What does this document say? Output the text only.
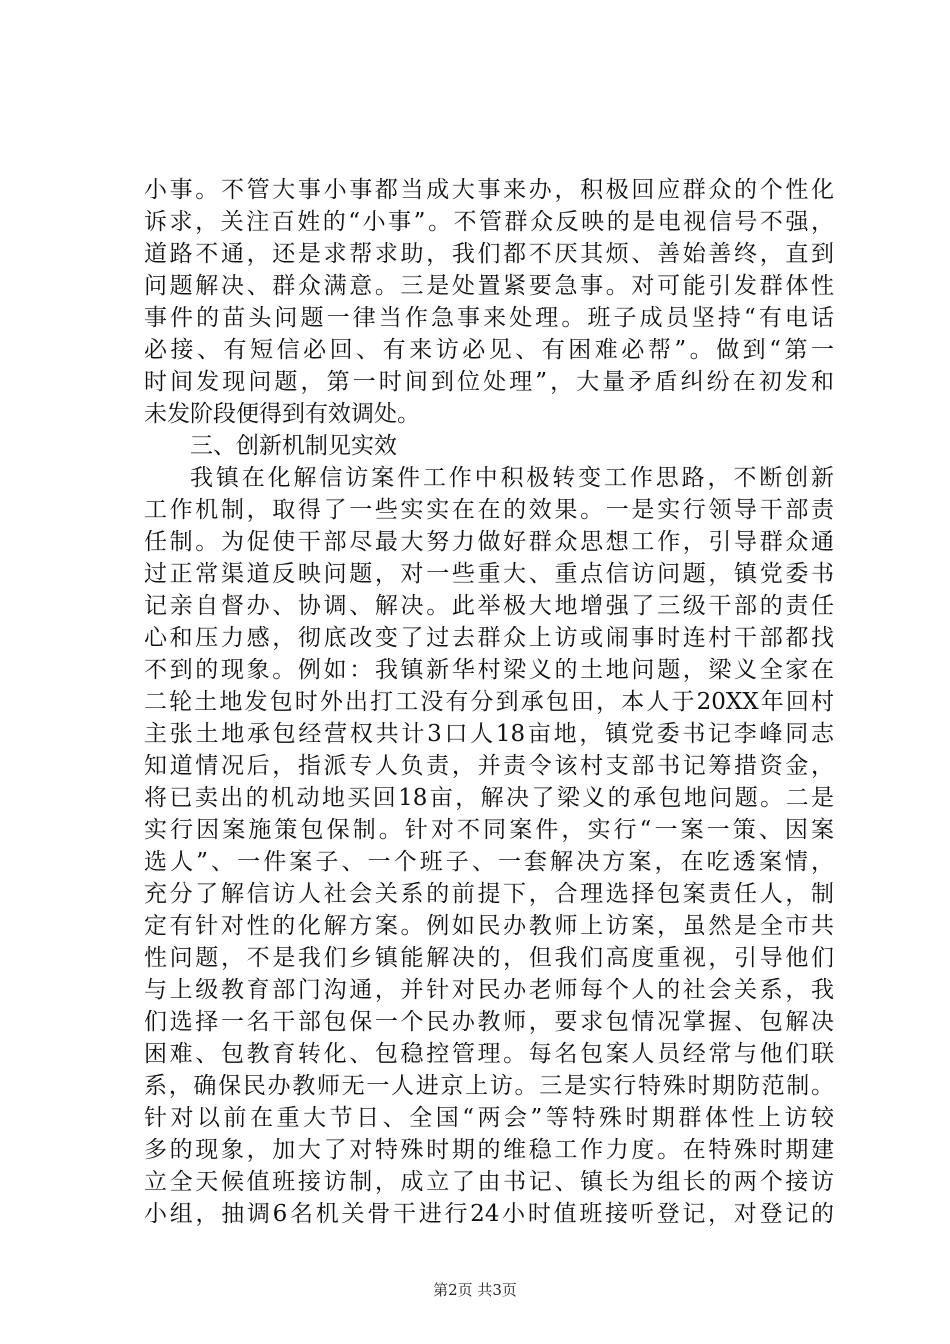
小事。不管大事小事都当成大事来办，积极回应群众的个性化
诉求，关注百姓的“小事”。不管群众反映的是电视信号不强，
道路不通，还是求帮求助，我们都不厌其烦、善始善终，直到
问题解决、群众满意。三是处置紧要急事。对可能引发群体性
事件的苗头问题一律当作急事来处理。班子成员坚持“有电话
必接、有短信必回、有来访必见、有困难必帮”。做到“第一
时间发现问题，第一时间到位处理”，大量矛盾纠纷在初发和
未发阶段便得到有效调处。
三、创新机制见实效
我镇在化解信访案件工作中积极转变工作思路，不断创新
工作机制，取得了一些实实在在的效果。一是实行领导干部责
任制。为促使干部尽最大努力做好群众思想工作，引导群众通
过正常渠道反映问题，对一些重大、重点信访问题，镇党委书
记亲自督办、协调、解决。此举极大地增强了三级干部的责任
心和压力感，彻底改变了过去群众上访或闹事时连村干部都找
不到的现象。例如：我镇新华村梁义的土地问题，梁义全家在
二轮土地发包时外出打工没有分到承包田，本人于20XX年回村
主张土地承包经营权共计3口人18亩地，镇党委书记李峰同志
知道情况后，指派专人负责，并责令该村支部书记筹措资金，
将已卖出的机动地买回18亩，解决了梁义的承包地问题。二是
实行因案施策包保制。针对不同案件，实行“一案一策、因案
选人”、一件案子、一个班子、一套解决方案，在吃透案情，
充分了解信访人社会关系的前提下，合理选择包案责任人，制
定有针对性的化解方案。例如民办教师上访案，虽然是全市共
性问题，不是我们乡镇能解决的，但我们高度重视，引导他们
与上级教育部门沟通，并针对民办老师每个人的社会关系，我
们选择一名干部包保一个民办教师，要求包情况掌握、包解决
困难、包教育转化、包稳控管理。每名包案人员经常与他们联
系，确保民办教师无一人进京上访。三是实行特殊时期防范制。
针对以前在重大节日、全国“两会”等特殊时期群体性上访较
多的现象，加大了对特殊时期的维稳工作力度。在特殊时期建
立全天候值班接访制，成立了由书记、镇长为组长的两个接访
小组，抽调6名机关骨干进行24小时值班接听登记，对登记的
第2页 共3页
